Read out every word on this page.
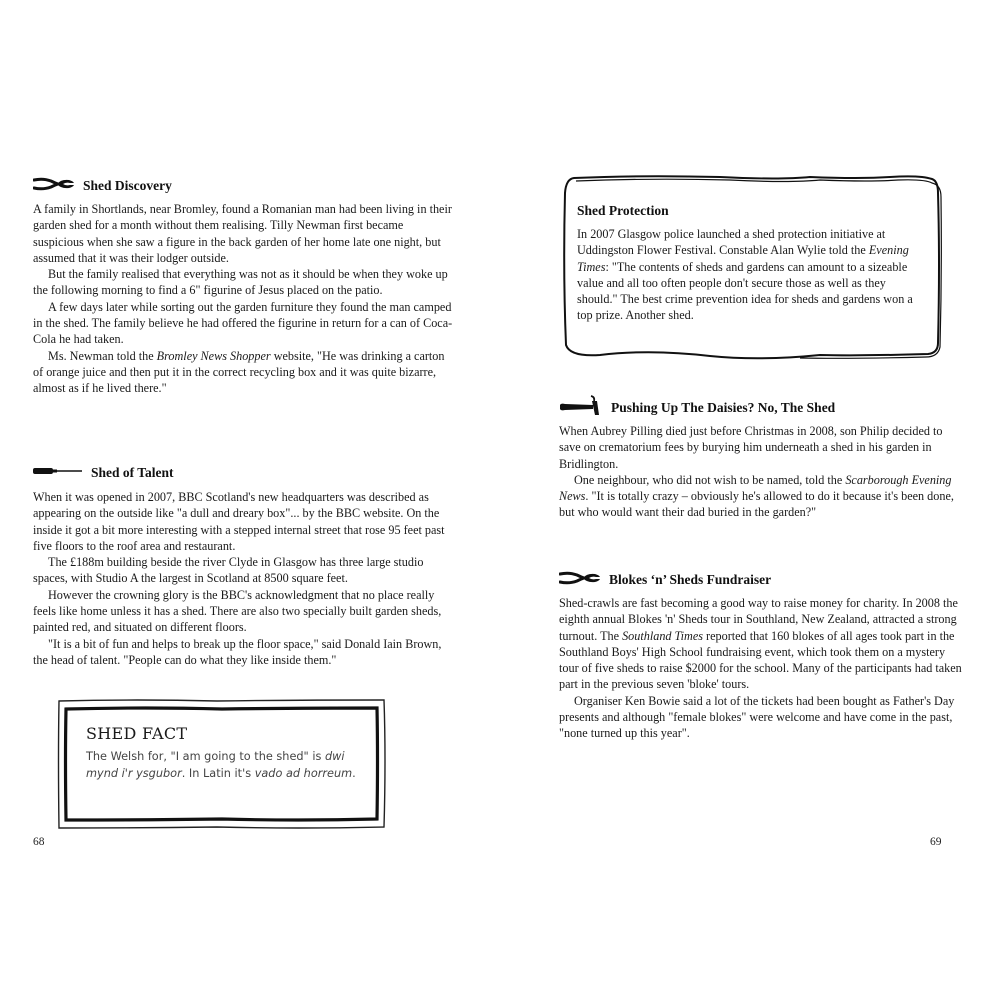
Shed Discovery

A family in Shortlands, near Bromley, found a Romanian man had been living in their garden shed for a month without them realising. Tilly Newman first became suspicious when she saw a figure in the back garden of her home late one night, but assumed that it was their lodger outside.

But the family realised that everything was not as it should be when they woke up the following morning to find a 6" figurine of Jesus placed on the patio.

A few days later while sorting out the garden furniture they found the man camped in the shed. The family believe he had offered the figurine in return for a can of Coca-Cola he had taken.

Ms. Newman told the Bromley News Shopper website, "He was drinking a carton of orange juice and then put it in the correct recycling box and it was quite bizarre, almost as if he lived there."

Shed of Talent

When it was opened in 2007, BBC Scotland's new headquarters was described as appearing on the outside like "a dull and dreary box"... by the BBC website. On the inside it got a bit more interesting with a stepped internal street that rose 95 feet past five floors to the roof area and restaurant.

The £188m building beside the river Clyde in Glasgow has three large studio spaces, with Studio A the largest in Scotland at 8500 square feet.

However the crowning glory is the BBC's acknowledgment that no place really feels like home unless it has a shed. There are also two specially built garden sheds, painted red, and situated on different floors.

"It is a bit of fun and helps to break up the floor space," said Donald Iain Brown, the head of talent. "People can do what they like inside them."

SHED FACT
The Welsh for, "I am going to the shed" is dwi mynd i'r ysgubor. In Latin it's vado ad horreum.
68
Shed Protection

In 2007 Glasgow police launched a shed protection initiative at Uddingston Flower Festival. Constable Alan Wylie told the Evening Times: "The contents of sheds and gardens can amount to a sizeable value and all too often people don't secure those as well as they should." The best crime prevention idea for sheds and gardens won a top prize. Another shed.

Pushing Up The Daisies? No, The Shed

When Aubrey Pilling died just before Christmas in 2008, son Philip decided to save on crematorium fees by burying him underneath a shed in his garden in Bridlington.

One neighbour, who did not wish to be named, told the Scarborough Evening News. "It is totally crazy – obviously he's allowed to do it because it's been done, but who would want their dad buried in the garden?"

Blokes ‘n’ Sheds Fundraiser

Shed-crawls are fast becoming a good way to raise money for charity. In 2008 the eighth annual Blokes 'n' Sheds tour in Southland, New Zealand, attracted a strong turnout. The Southland Times reported that 160 blokes of all ages took part in the Southland Boys' High School fundraising event, which took them on a mystery tour of five sheds to raise $2000 for the school. Many of the participants had taken part in the previous seven 'bloke' tours.

Organiser Ken Bowie said a lot of the tickets had been bought as Father's Day presents and although "female blokes" were welcome and have come in the past, "none turned up this year".

69
